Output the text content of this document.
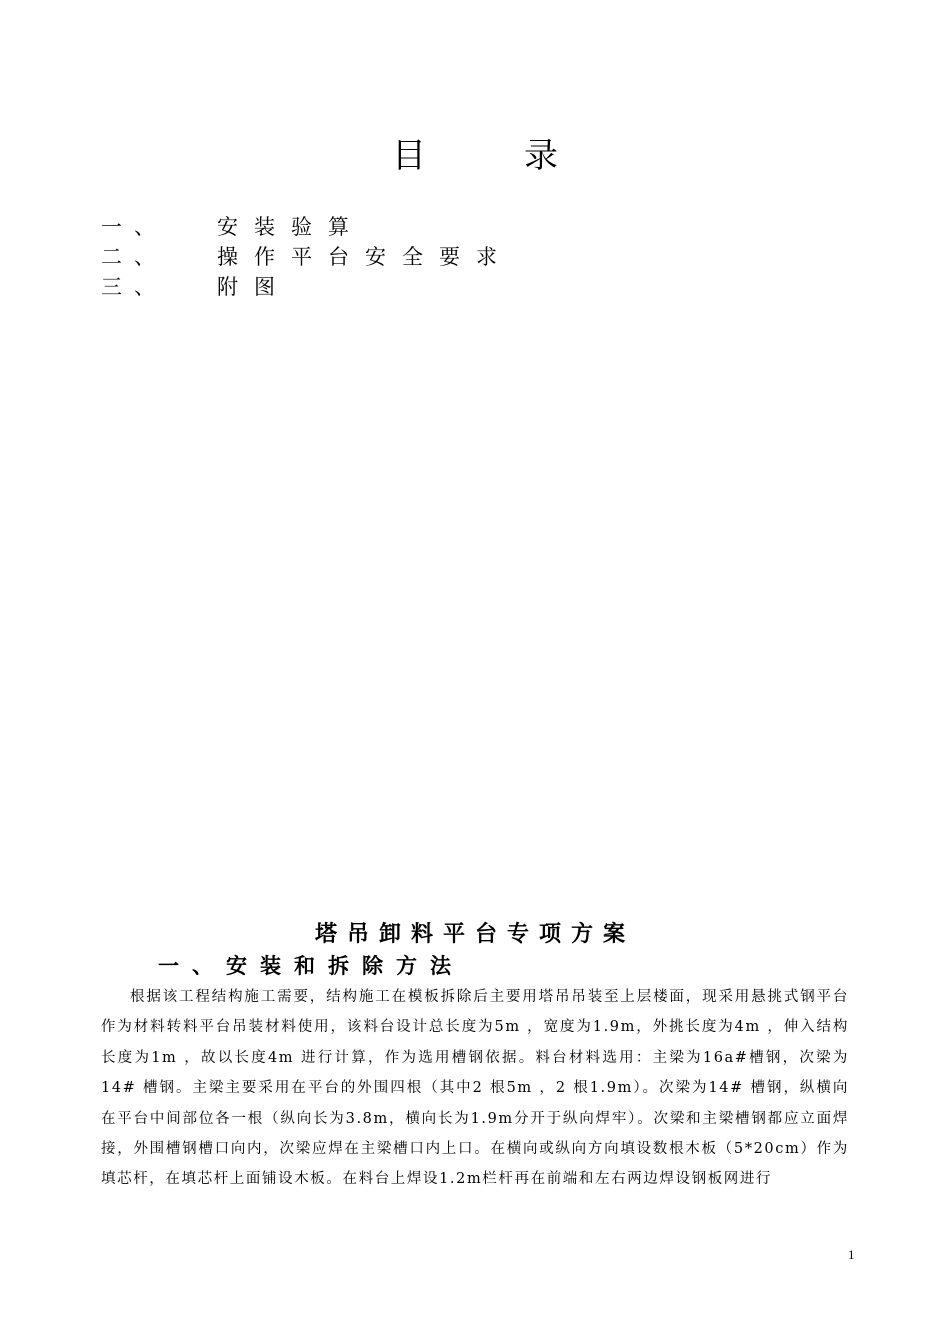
目	录
一、 安装验算
二、 操作平台安全要求
三、 附图
塔吊卸料平台专项方案
一、安装和拆除方法
根据该工程结构施工需要，结构施工在模板拆除后主要用塔吊吊装至上层楼面，现采用悬挑式钢平台作为材料转料平台吊装材料使用，该料台设计总长度为5m ，宽度为1.9m，外挑长度为4m ，伸入结构长度为1m ，故以长度4m 进行计算，作为选用槽钢依据。料台材料选用：主梁为16a#槽钢，次梁为14# 槽钢。主梁主要采用在平台的外围四根（其中2 根5m ，2 根1.9m）。次梁为14# 槽钢，纵横向在平台中间部位各一根（纵向长为3.8m，横向长为1.9m分开于纵向焊牢）。次梁和主梁槽钢都应立面焊接，外围槽钢槽口向内，次梁应焊在主梁槽口内上口。在横向或纵向方向填设数根木板（5*20cm）作为填芯杆，在填芯杆上面铺设木板。在料台上焊设1.2m栏杆再在前端和左右两边焊设钢板网进行
1
